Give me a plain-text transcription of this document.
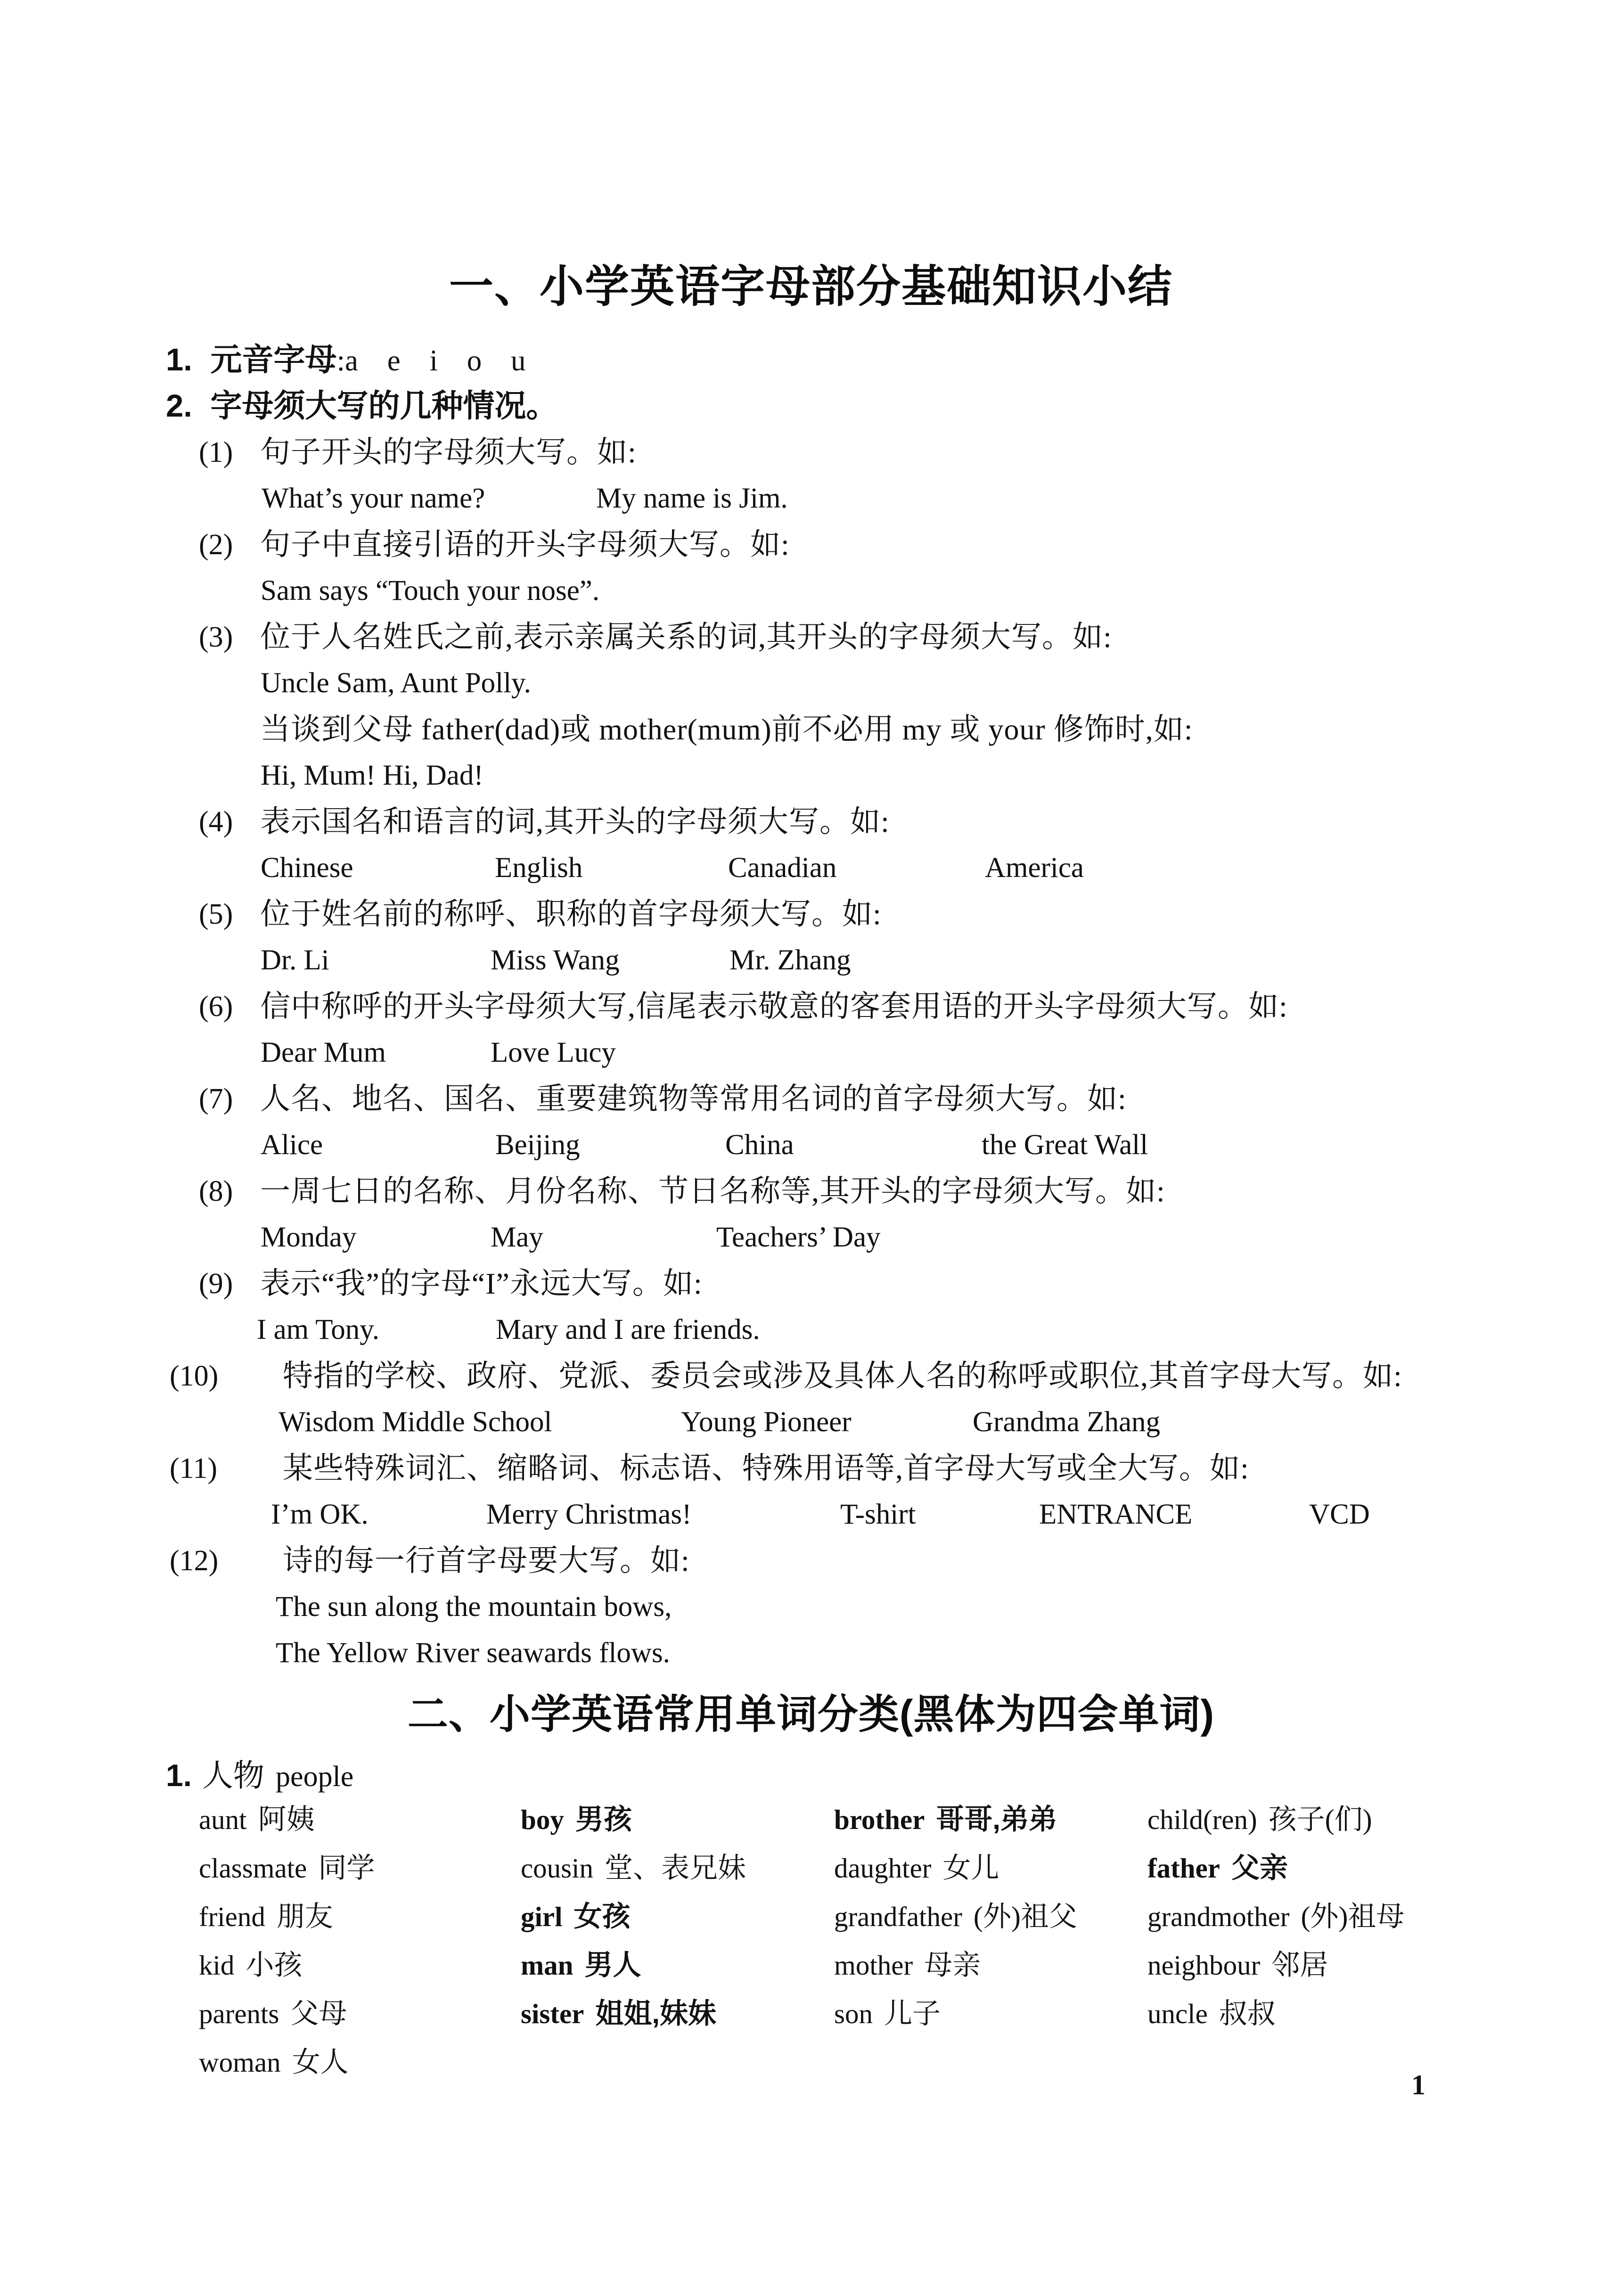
一、小学英语字母部分基础知识小结
1. 元音字母:a e i o u
2. 字母须大写的几种情况。
(1) 句子开头的字母须大写。如:
What’s your name?	My name is Jim.
(2) 句子中直接引语的开头字母须大写。如:
Sam says “Touch your nose”.
(3) 位于人名姓氏之前,表示亲属关系的词,其开头的字母须大写。如:
Uncle Sam, Aunt Polly.
当谈到父母 father(dad)或 mother(mum)前不必用 my 或 your 修饰时,如:
Hi, Mum! Hi, Dad!
(4) 表示国名和语言的词,其开头的字母须大写。如:
Chinese	English	Canadian	America
(5) 位于姓名前的称呼、职称的首字母须大写。如:
Dr. Li	Miss Wang	Mr. Zhang
(6) 信中称呼的开头字母须大写,信尾表示敬意的客套用语的开头字母须大写。如:
Dear Mum	Love Lucy
(7) 人名、地名、国名、重要建筑物等常用名词的首字母须大写。如:
Alice	Beijing	China	the Great Wall
(8) 一周七日的名称、月份名称、节日名称等,其开头的字母须大写。如:
Monday	May	Teachers’ Day
(9) 表示“我”的字母“I”永远大写。如:
I am Tony.	Mary and I are friends.
(10) 特指的学校、政府、党派、委员会或涉及具体人名的称呼或职位,其首字母大写。如:
Wisdom Middle School	Young Pioneer	Grandma Zhang
(11) 某些特殊词汇、缩略词、标志语、特殊用语等,首字母大写或全大写。如:
I’m OK.	Merry Christmas!	T-shirt	ENTRANCE	VCD
(12) 诗的每一行首字母要大写。如:
The sun along the mountain bows,
The Yellow River seawards flows.
二、小学英语常用单词分类(黑体为四会单词)
1. 人物 people
aunt 阿姨	boy 男孩	brother 哥哥,弟弟	child(ren) 孩子(们)
classmate 同学	cousin 堂、表兄妹	daughter 女儿	father 父亲
friend 朋友	girl 女孩	grandfather (外)祖父	grandmother (外)祖母
kid 小孩	man 男人	mother 母亲	neighbour 邻居
parents 父母	sister 姐姐,妹妹	son 儿子	uncle 叔叔
woman 女人
1
